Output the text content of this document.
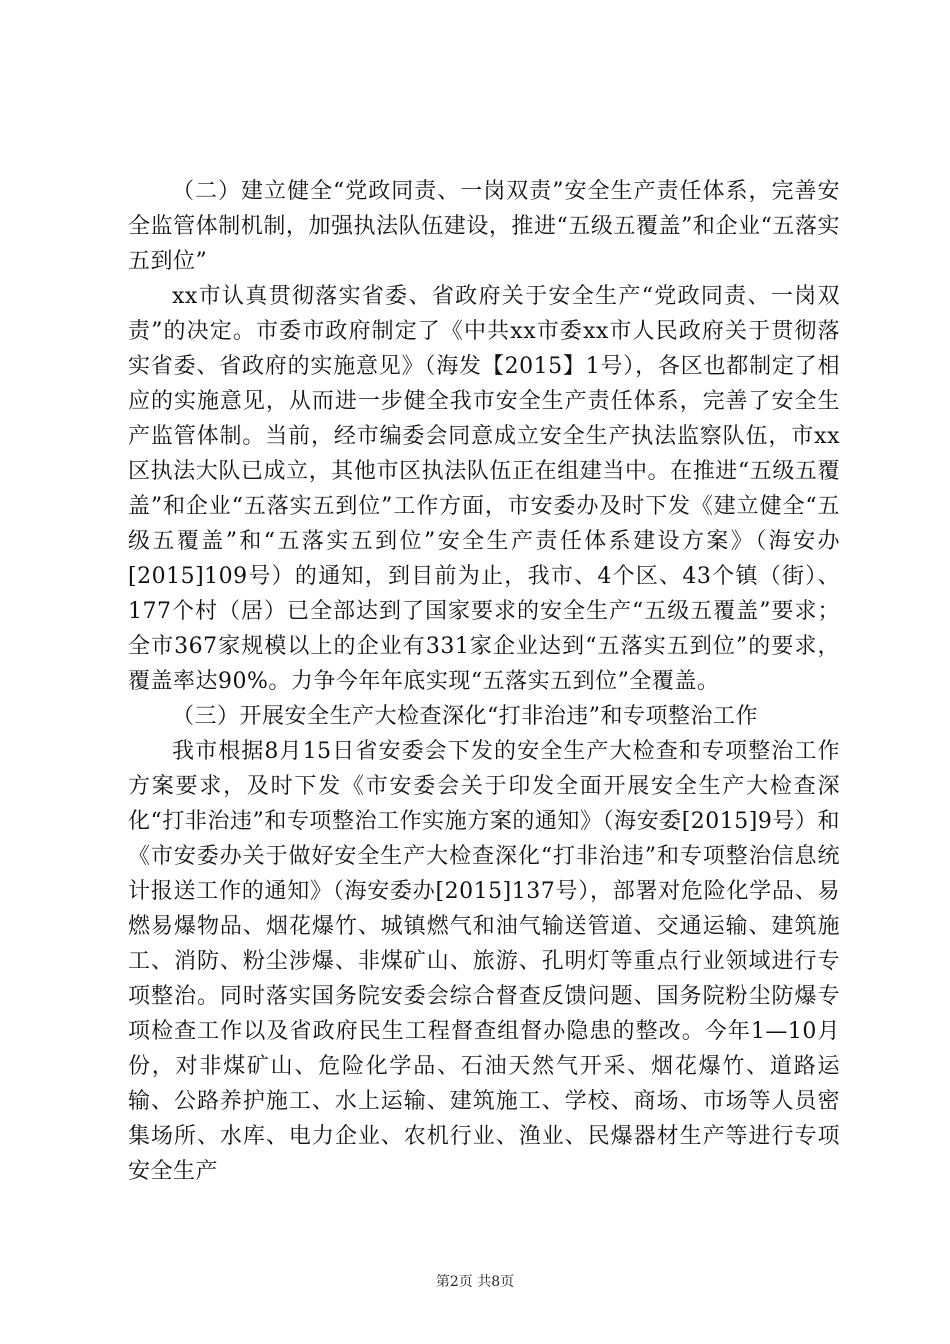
（二）建立健全“党政同责、一岗双责”安全生产责任体系，完善安全监管体制机制，加强执法队伍建设，推进“五级五覆盖”和企业“五落实五到位”

xx市认真贯彻落实省委、省政府关于安全生产“党政同责、一岗双责”的决定。市委市政府制定了《中共xx市委xx市人民政府关于贯彻落实省委、省政府的实施意见》（海发【2015】1号），各区也都制定了相应的实施意见，从而进一步健全我市安全生产责任体系，完善了安全生产监管体制。当前，经市编委会同意成立安全生产执法监察队伍，市xx区执法大队已成立，其他市区执法队伍正在组建当中。在推进“五级五覆盖”和企业“五落实五到位”工作方面，市安委办及时下发《建立健全“五级五覆盖”和“五落实五到位”安全生产责任体系建设方案》（海安办[2015]109号）的通知，到目前为止，我市、4个区、43个镇（街）、177个村（居）已全部达到了国家要求的安全生产“五级五覆盖”要求；全市367家规模以上的企业有331家企业达到“五落实五到位”的要求，覆盖率达90%。力争今年年底实现“五落实五到位”全覆盖。

（三）开展安全生产大检查深化“打非治违”和专项整治工作

我市根据8月15日省安委会下发的安全生产大检查和专项整治工作方案要求，及时下发《市安委会关于印发全面开展安全生产大检查深化“打非治违”和专项整治工作实施方案的通知》（海安委[2015]9号）和《市安委办关于做好安全生产大检查深化“打非治违”和专项整治信息统计报送工作的通知》（海安委办[2015]137号），部署对危险化学品、易燃易爆物品、烟花爆竹、城镇燃气和油气输送管道、交通运输、建筑施工、消防、粉尘涉爆、非煤矿山、旅游、孔明灯等重点行业领域进行专项整治。同时落实国务院安委会综合督查反馈问题、国务院粉尘防爆专项检查工作以及省政府民生工程督查组督办隐患的整改。今年1—10月份，对非煤矿山、危险化学品、石油天然气开采、烟花爆竹、道路运输、公路养护施工、水上运输、建筑施工、学校、商场、市场等人员密集场所、水库、电力企业、农机行业、渔业、民爆器材生产等进行专项安全生产

第2页 共8页
